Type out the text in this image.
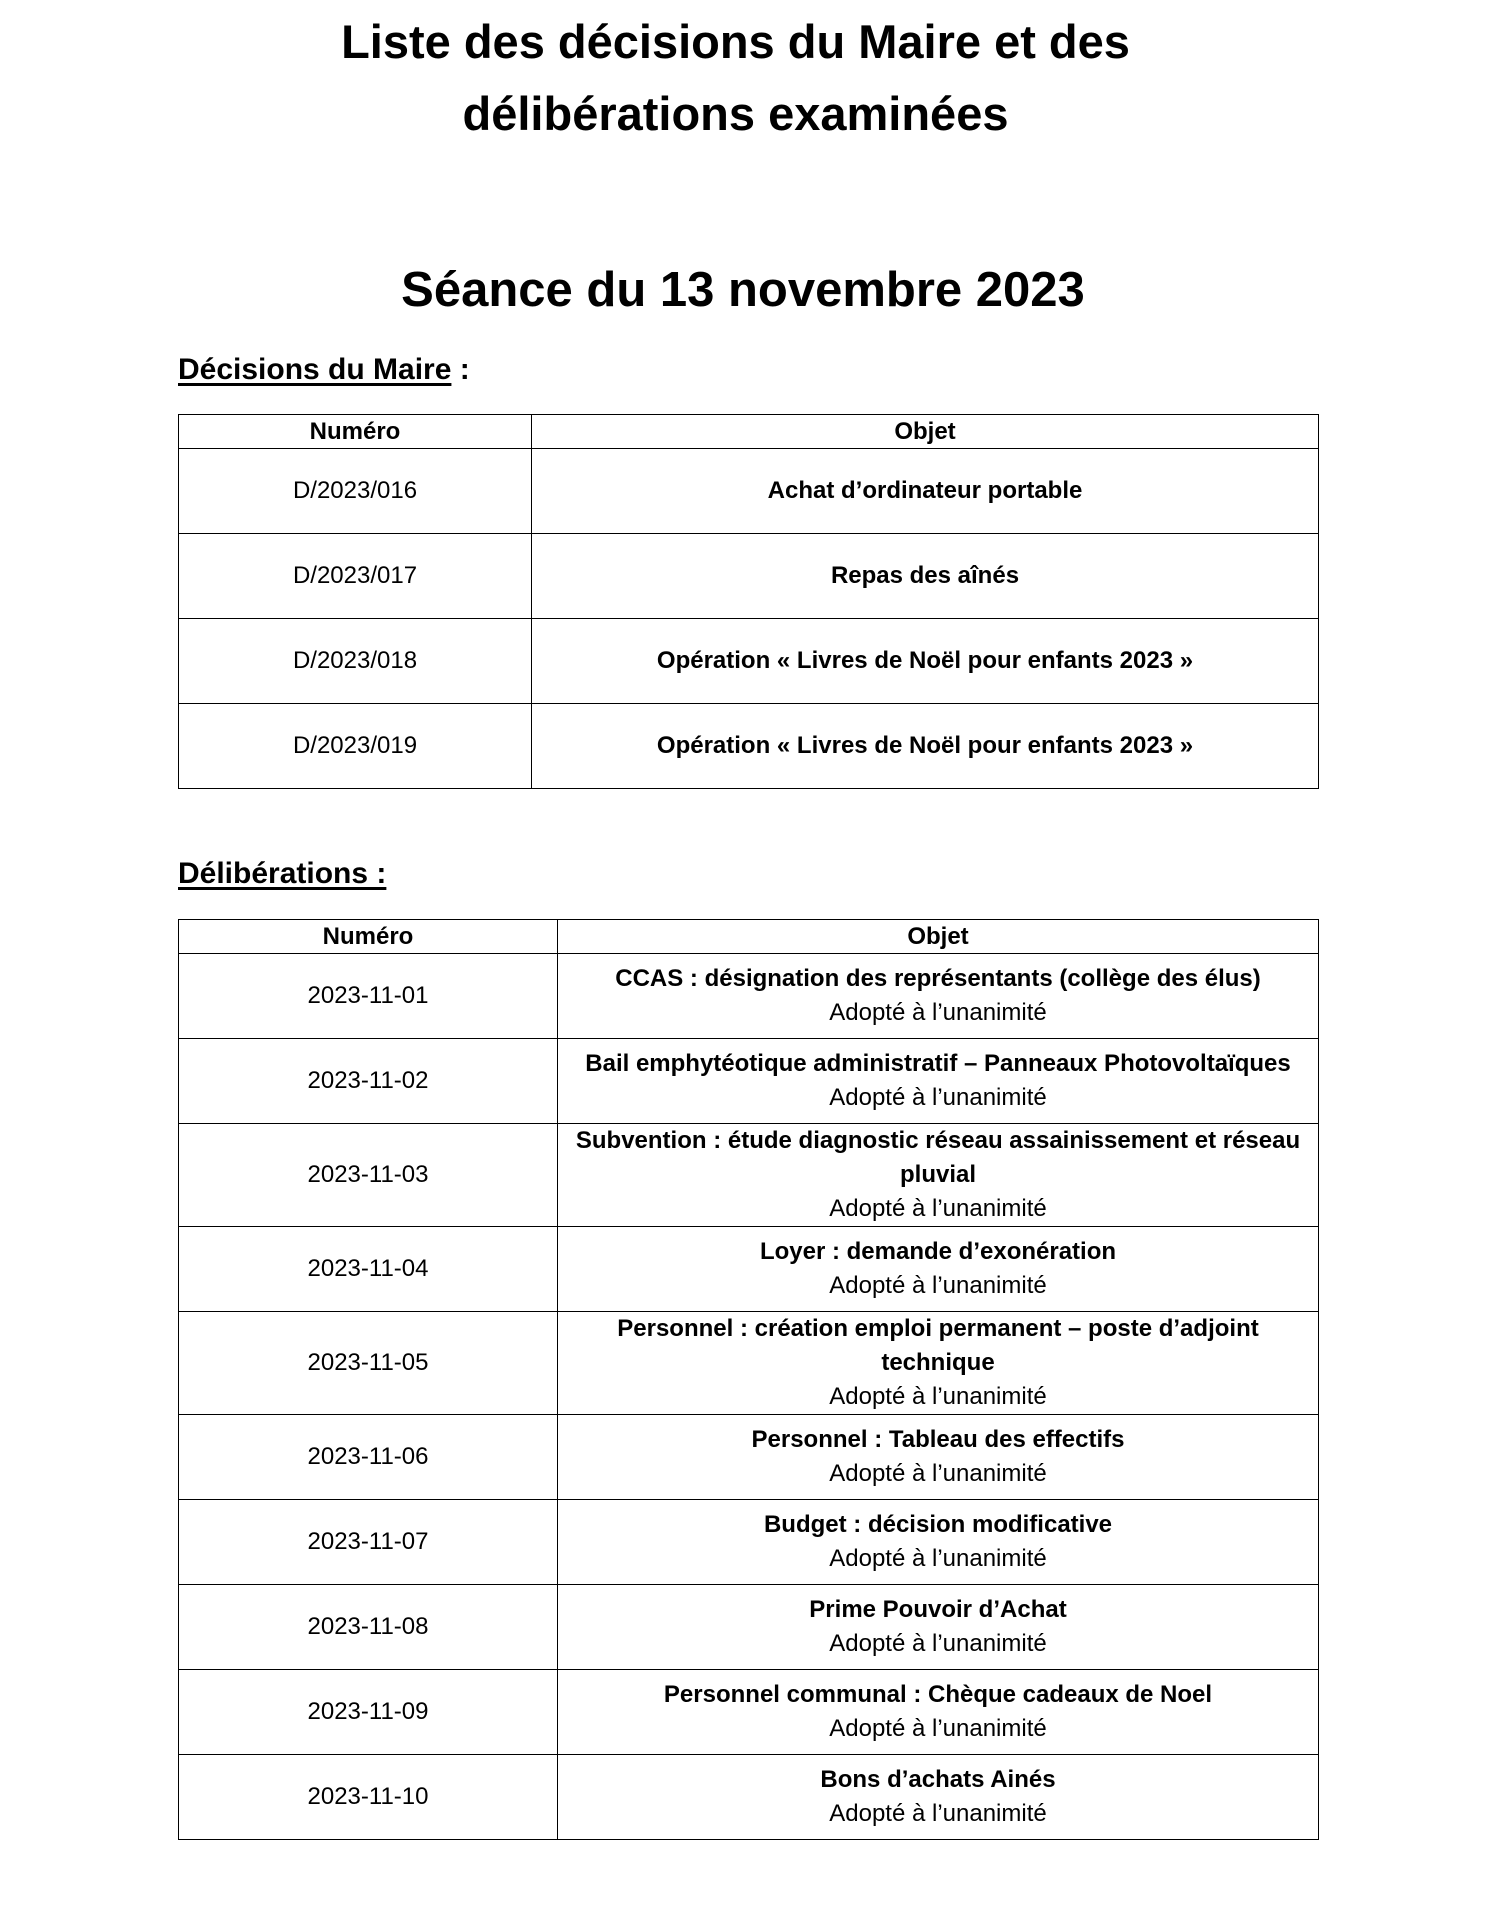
Liste des décisions du Maire et des
délibérations examinées
Séance du 13 novembre 2023
Décisions du Maire :
Numéro	Objet
D/2023/016	Achat d’ordinateur portable
D/2023/017	Repas des aînés
D/2023/018	Opération « Livres de Noël pour enfants 2023 »
D/2023/019	Opération « Livres de Noël pour enfants 2023 »
Délibérations :
Numéro	Objet
2023-11-01	CCAS : désignation des représentants (collège des élus)
Adopté à l’unanimité

2023-11-02	Bail emphytéotique administratif – Panneaux Photovoltaïques
Adopté à l’unanimité

2023-11-03	Subvention : étude diagnostic réseau assainissement et réseau pluvial
Adopté à l’unanimité

2023-11-04	Loyer : demande d’exonération
Adopté à l’unanimité

2023-11-05	Personnel : création emploi permanent – poste d’adjoint technique
Adopté à l’unanimité

2023-11-06	Personnel : Tableau des effectifs
Adopté à l’unanimité

2023-11-07	Budget : décision modificative
Adopté à l’unanimité

2023-11-08	Prime Pouvoir d’Achat
Adopté à l’unanimité

2023-11-09	Personnel communal : Chèque cadeaux de Noel
Adopté à l’unanimité

2023-11-10	Bons d’achats Ainés
Adopté à l’unanimité
